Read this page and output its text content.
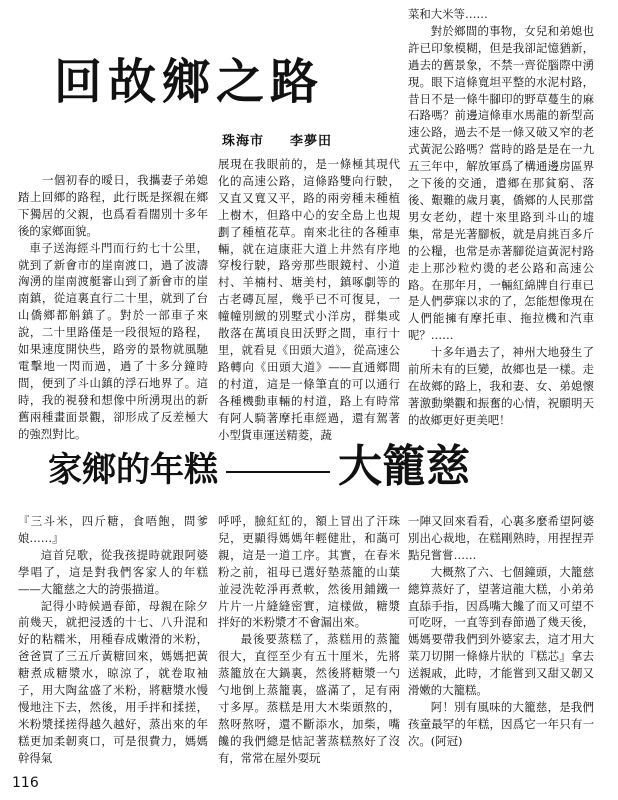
回故鄉之路
珠海市 李夢田

一個初春的曖日，我攜妻子弟媳踏上回鄉的路程，此行既是探親在鄉下獨居的父親，也爲看看闊別十多年後的家鄉面貌。

車子送海經斗門而行約七十公里，就到了新會市的崖南渡口，過了波濤洶湧的崖南渡艇審山到了新會市的崖南鎮，從這裏直行二十里，就到了台山僑鄉都斛鎮了。對於一部車子來說，二十里路僅是一段很短的路程，如果速度開快些，路旁的景物就風馳電擊地一閃而過，過了十多分鐘時間，便到了斗山鎮的浮石地界了。這時，我的視發和想像中所湧現出的新舊兩種畫面景觀，卻形成了反差極大的強烈對比。

展現在我眼前的，是一條極其現代化的高速公路，這條路雙向行駛，又直又寬又平，路的兩旁種未種植上樹木，但路中心的安全島上也規劃了種植花草。南來北往的各種車輛，就在這康莊大道上井然有序地穿梭行駛，路旁那些眼鏡村、小道村、羊楠村、塘美村，鎮啄劇等的古老磚瓦屋，幾乎已不可復見，一幢幢別緻的別墅式小洋房，群集或散落在萬頃良田沃野之間，車行十里，就看見《田頭大道》，從高速公路轉向《田頭大道》——直通鄉間的村道，這是一條筆直的可以通行各種機動車輛的村道，路上有時常有阿人騎著摩托車經過，還有駕著小型貨車運送精菱，蔬

菜和大米等……

對於鄉間的事物，女兒和弟媳也許已印象模糊，但是我卻記憶猶新，過去的舊景象，不禁一齊從腦際中湧現。眼下這條寬坦平整的水泥村路，昔日不是一條牛腳印的野草蔓生的麻石路嗎？前邊這條車水馬龍的新型高速公路，過去不是一條又破又窄的老式黃泥公路嗎？當時的路是是在一九五三年中，解放軍爲了構通邊房區界之下後的交通，遣鄉在那貧窮、落後、艱難的歲月裏，僑鄉的人民那當男女老幼，趕十來里路到斗山的墟集，常是光著腳板，就是肩挑百多斤的公糧，也常是赤著腳從這黃泥村路走上那沙粒灼燙的老公路和高速公路。在那年月，一輛紅綿牌自行車已是人們夢寐以求的了，怎能想像現在人們能擁有摩托車、拖拉機和汽車呢？……

十多年過去了，神州大地發生了前所未有的巨變，故鄉也是一樣。走在故鄉的路上，我和妻、女、弟媳懷著激動樂觀和振奮的心情，祝願明天的故鄉更好更美吧！

家鄉的年糕	大籠慈

『三斗米，四斤糖，食唔飽，問爹娘……』

這首兒歌，從我孩提時就跟阿婆學唱了，這是對我們客家人的年糕——大籠慈之大的誇張描道。

記得小時候過春節，母親在除夕前幾天，就把浸透的十七、八升混和好的粘糯米，用種春成嫩滑的米粉，爸爸買了三五斤黃糖回來，媽媽把黃糖煮成糖漿水，晾涼了，就卷取袖子，用大陶盆盛了米粉，將糖漿水慢慢地注下去，然後，用手拌和揉搓，米粉漿揉搓得越久越好，蒸出來的年糕更加柔韌爽口，可是很費力，媽媽幹得氣

呼呼，臉紅紅的，額上冒出了汗珠兒，更顯得媽媽年輕健壯，和藹可親，這是一道工序。其實，在春米粉之前，祖母已選好墊蒸籠的山葉並浸洗乾淨再煮軟，然後用鋪鐵一片片一片縫縫密實，這樣做，糖漿拌好的米粉漿才不會漏出來。

最後要蒸糕了，蒸糕用的蒸籠很大，直徑至少有五十厘米，先將蒸籠放在大鍋裏，然後將糖漿一勺勺地倒上蒸籠裏，盛滿了，足有兩寸多厚。蒸糕是用大木柴頭熬的，熬呀熬呀，還不斷添水，加柴，嘴饞的我們總是惦記著蒸糕熬好了沒有，常常在屋外耍玩

一陣又回來看看，心裏多麼希望阿婆別出心裁地，在糕剛熟時，用捏捏弄點兒嘗嘗……

大概熬了六、七個鐘頭，大籠慈總算蒸好了，望著這龍大糕，小弟弟直舔手指，因爲嘴大饞了而又可望不可吃呀，一直等到春節過了幾天後，媽媽要帶我們到外婆家去，這才用大菜刀切開一條條片狀的『糕芯』拿去送親戚，此時，才能嘗到又甜又韌又滑嫩的大籠糕。

阿！別有風味的大籠慈，是我們孩童最罕的年糕，因爲它一年只有一次。(阿冠)

116
